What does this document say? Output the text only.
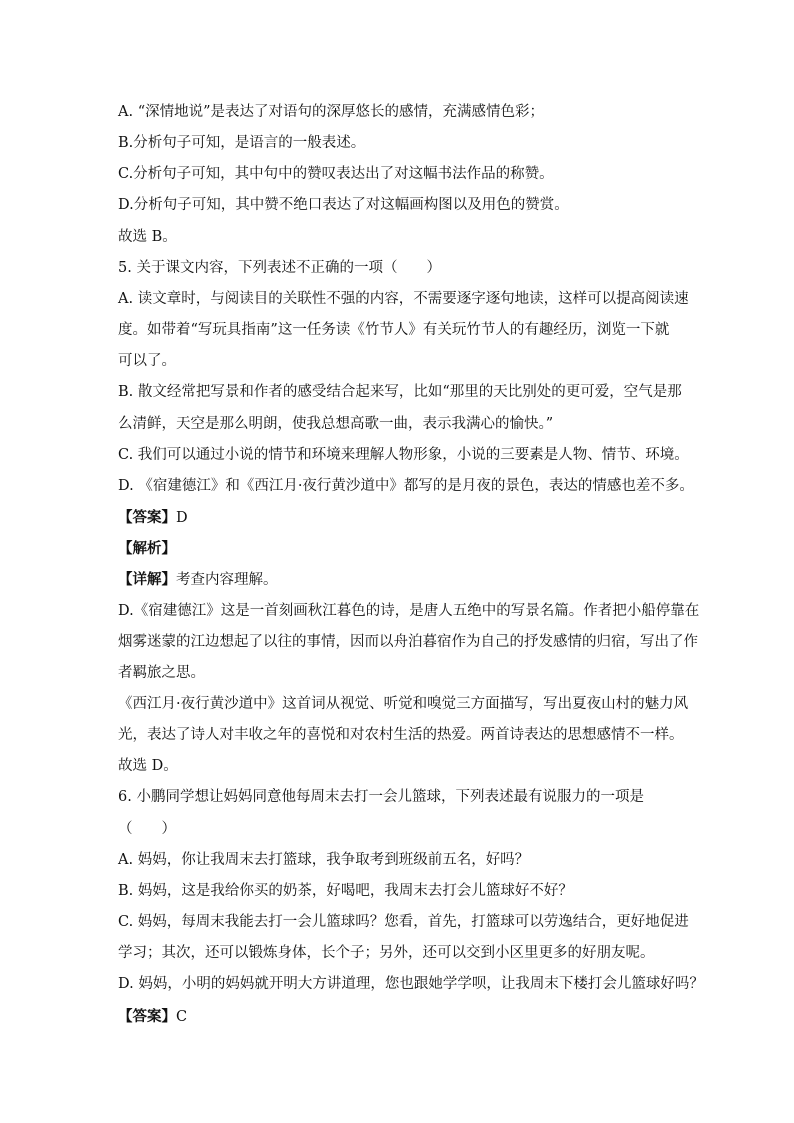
A. “深情地说”是表达了对语句的深厚悠长的感情，充满感情色彩；
B.分析句子可知，是语言的一般表述。
C.分析句子可知，其中句中的赞叹表达出了对这幅书法作品的称赞。
D.分析句子可知，其中赞不绝口表达了对这幅画构图以及用色的赞赏。
故选 B。
5. 关于课文内容，下列表述不正确的一项（　　）
A. 读文章时，与阅读目的关联性不强的内容，不需要逐字逐句地读，这样可以提高阅读速
度。如带着“写玩具指南”这一任务读《竹节人》有关玩竹节人的有趣经历，浏览一下就
可以了。
B. 散文经常把写景和作者的感受结合起来写，比如“那里的天比别处的更可爱，空气是那
么清鲜，天空是那么明朗，使我总想高歌一曲，表示我满心的愉快。”
C. 我们可以通过小说的情节和环境来理解人物形象，小说的三要素是人物、情节、环境。
D. 《宿建德江》和《西江月·夜行黄沙道中》都写的是月夜的景色，表达的情感也差不多。
【答案】D
【解析】
【详解】考查内容理解。
D.《宿建德江》这是一首刻画秋江暮色的诗，是唐人五绝中的写景名篇。作者把小船停靠在
烟雾迷蒙的江边想起了以往的事情，因而以舟泊暮宿作为自己的抒发感情的归宿，写出了作
者羁旅之思。
《西江月·夜行黄沙道中》这首词从视觉、听觉和嗅觉三方面描写，写出夏夜山村的魅力风
光，表达了诗人对丰收之年的喜悦和对农村生活的热爱。两首诗表达的思想感情不一样。
故选 D。
6. 小鹏同学想让妈妈同意他每周末去打一会儿篮球，下列表述最有说服力的一项是
（　　）
A. 妈妈，你让我周末去打篮球，我争取考到班级前五名，好吗？
B. 妈妈，这是我给你买的奶茶，好喝吧，我周末去打会儿篮球好不好？
C. 妈妈，每周末我能去打一会儿篮球吗？您看，首先，打篮球可以劳逸结合，更好地促进
学习；其次，还可以锻炼身体，长个子；另外，还可以交到小区里更多的好朋友呢。
D. 妈妈，小明的妈妈就开明大方讲道理，您也跟她学学呗，让我周末下楼打会儿篮球好吗？
【答案】C
